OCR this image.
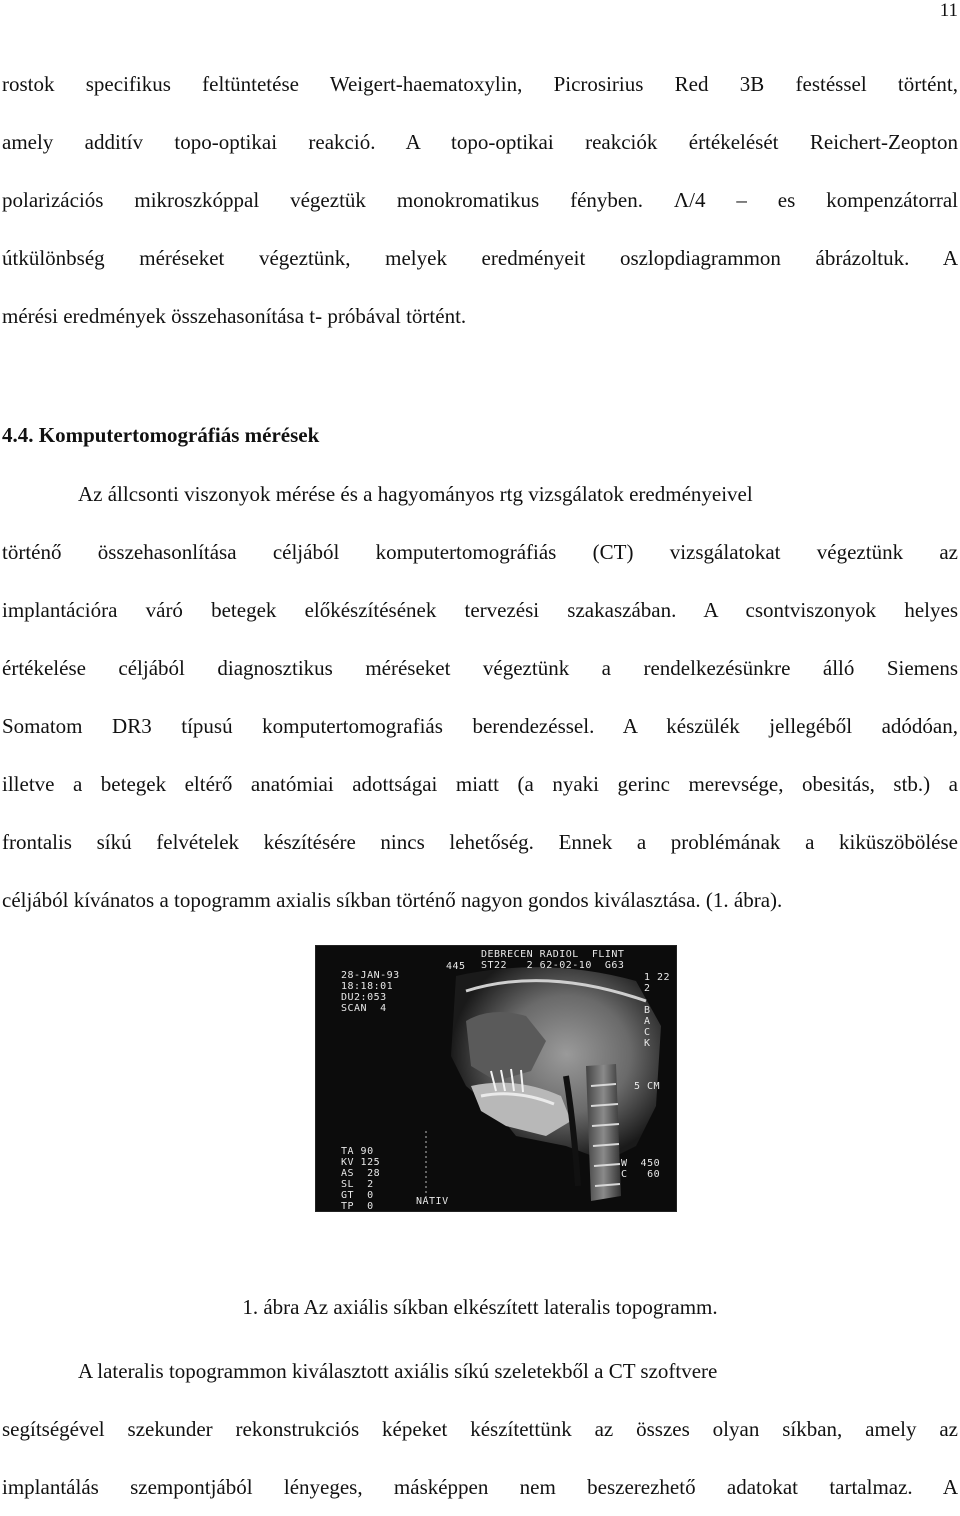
11
rostok specifikus feltüntetése Weigert-haematoxylin, Picrosirius Red 3B festéssel történt,
amely additív topo-optikai reakció. A topo-optikai reakciók értékelését Reichert-Zeopton
polarizációs mikroszkóppal végeztük monokromatikus fényben. Λ/4 – es kompenzátorral
útkülönbség méréseket végeztünk, melyek eredményeit oszlopdiagrammon ábrázoltuk. A
mérési eredmények összehasonítása t- próbával történt.
4.4. Komputertomográfiás mérések
Az állcsonti viszonyok mérése és a hagyományos rtg vizsgálatok eredményeivel
történő összehasonlítása céljából komputertomográfiás (CT) vizsgálatokat végeztünk az
implantációra váró betegek előkészítésének tervezési szakaszában. A csontviszonyok helyes
értékelése céljából diagnosztikus méréseket végeztünk a rendelkezésünkre álló Siemens
Somatom DR3 típusú komputertomografiás berendezéssel. A készülék jellegéből adódóan,
illetve a betegek eltérő anatómiai adottságai miatt (a nyaki gerinc merevsége, obesitás, stb.) a
frontalis síkú felvételek készítésére nincs lehetőség. Ennek a problémának a kiküszöbölése
céljából kívánatos a topogramm axialis síkban történő nagyon gondos kiválasztása. (1. ábra).
28-JAN-93
18:18:01
DU2:053
SCAN  4
445
DEBRECEN RADIOL  FLINT
ST22   2 62-02-10  G63
1 22
2

B
A
C
K
5 CM
TA 90
KV 125
AS  28
SL  2
GT  0
TP  0	NATIV
W  450
C   60
1. ábra Az axiális síkban elkészített lateralis topogramm.
A lateralis topogrammon kiválasztott axiális síkú szeletekből a CT szoftvere
segítségével szekunder rekonstrukciós képeket készítettünk az összes olyan síkban, amely az
implantálás szempontjából lényeges, másképpen nem beszerezhető adatokat tartalmaz. A
